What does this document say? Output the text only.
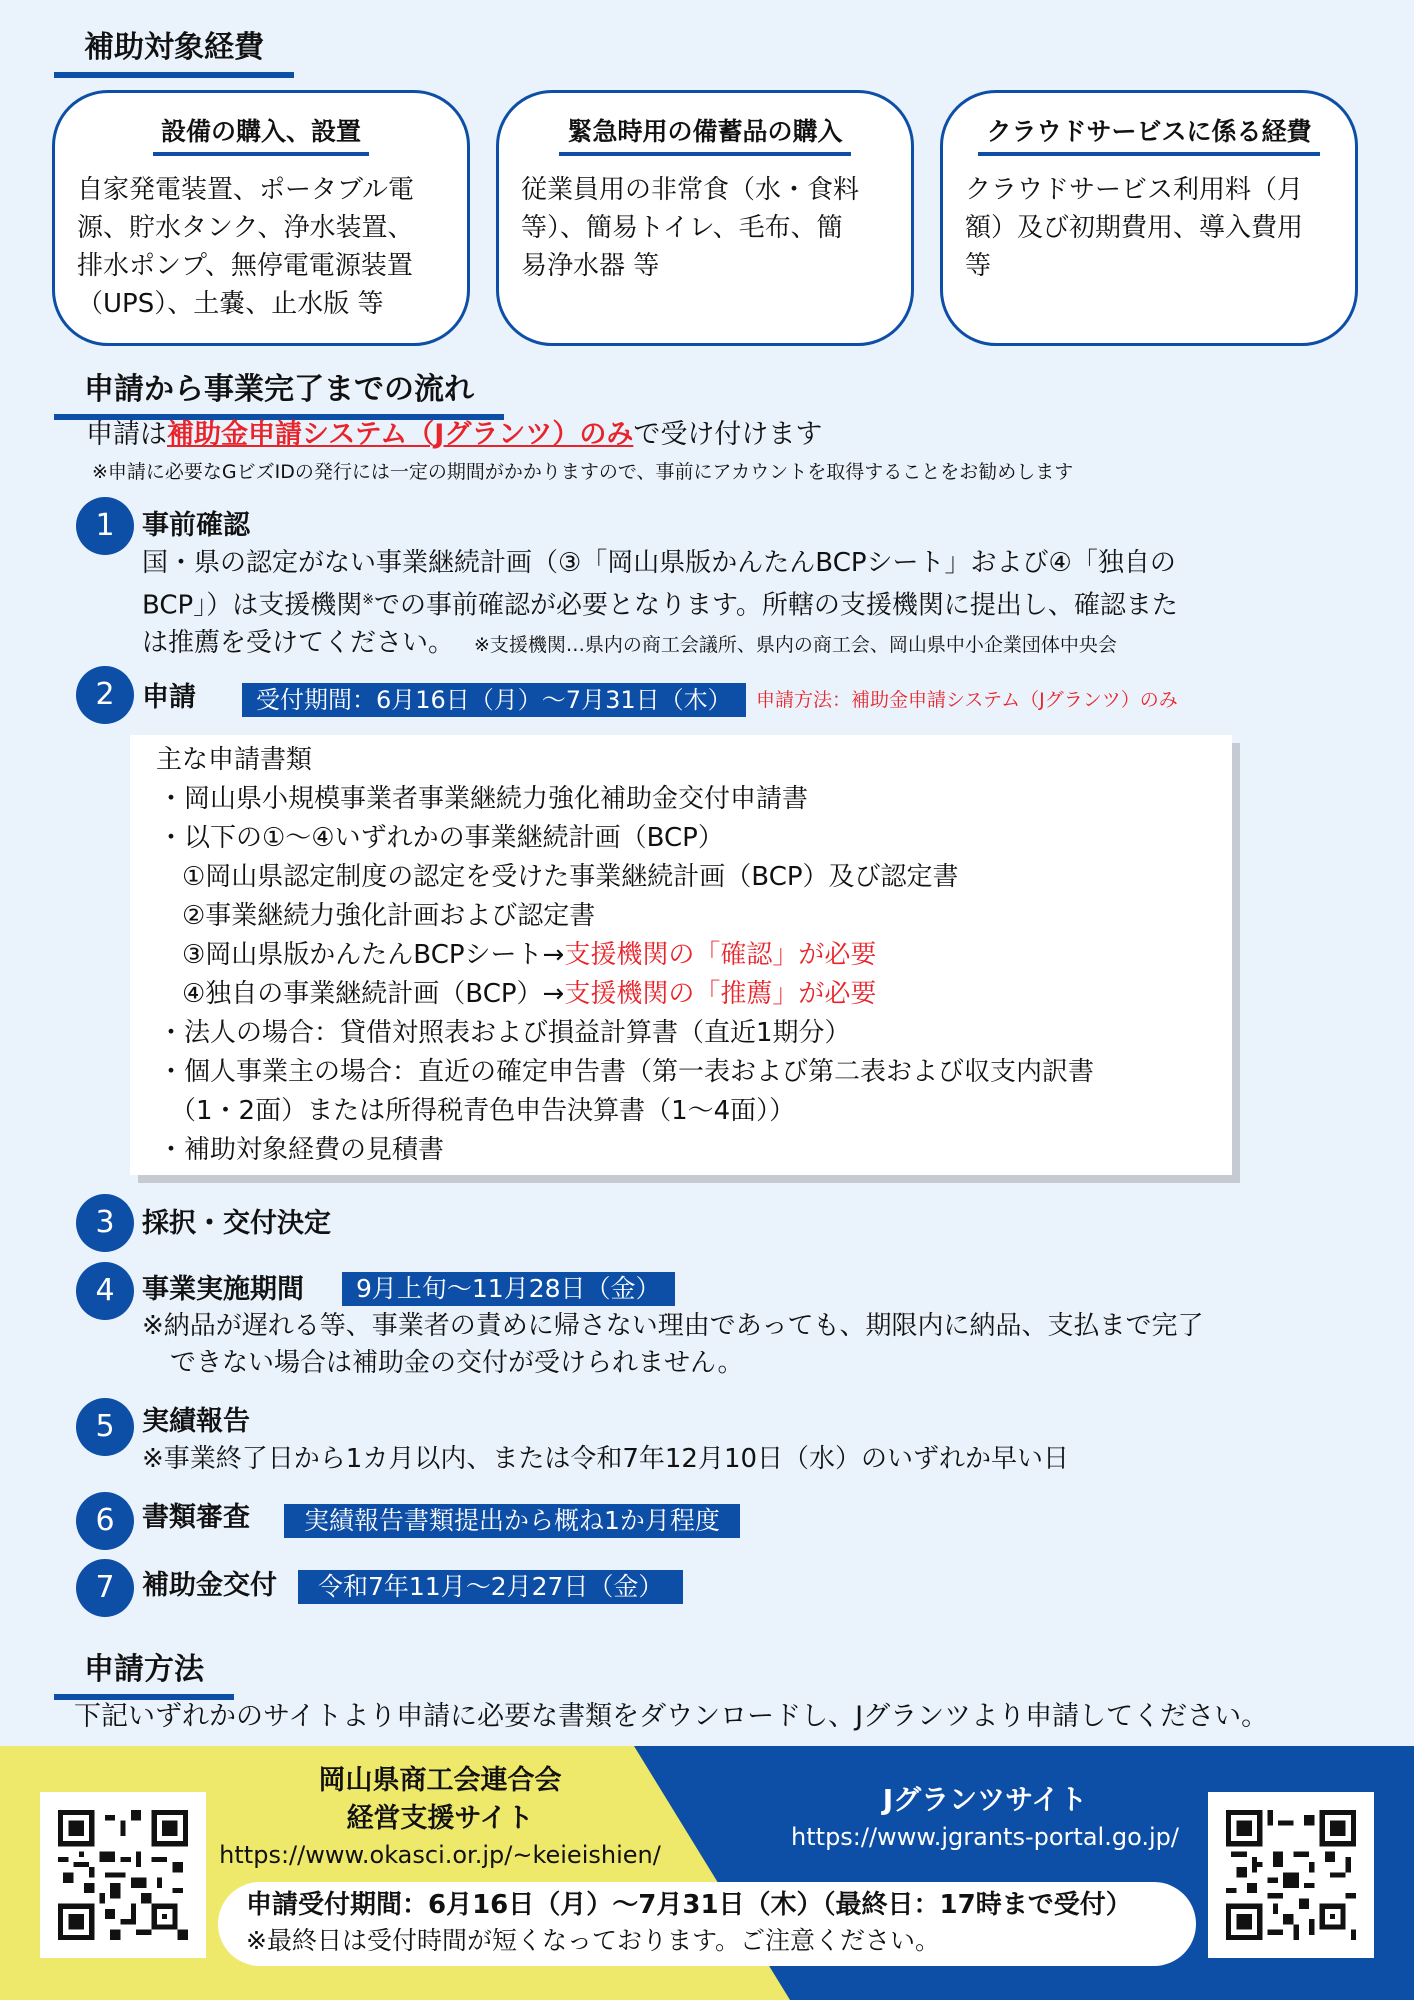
補助対象経費
設備の購入、設置
自家発電装置、ポータブル電
源、貯水タンク、浄水装置、
排水ポンプ、無停電電源装置
（UPS）、土嚢、止水版 等
緊急時用の備蓄品の購入
従業員用の非常食（水・食料
等）、簡易トイレ、毛布、簡
易浄水器 等
クラウドサービスに係る経費
クラウドサービス利用料（月
額）及び初期費用、導入費用
等
申請から事業完了までの流れ
申請は補助金申請システム（Jグランツ）のみで受け付けます
※申請に必要なGビズIDの発行には一定の期間がかかりますので、事前にアカウントを取得することをお勧めします
1	事前確認
国・県の認定がない事業継続計画（③「岡山県版かんたんBCPシート」および④「独自の
BCP」）は支援機関※での事前確認が必要となります。所轄の支援機関に提出し、確認また
は推薦を受けてください。 ※支援機関…県内の商工会議所、県内の商工会、岡山県中小企業団体中央会
2	申請	受付期間：6月16日（月）〜7月31日（木）	申請方法：補助金申請システム（Jグランツ）のみ
主な申請書類
・岡山県小規模事業者事業継続力強化補助金交付申請書
・以下の①〜④いずれかの事業継続計画（BCP）
①岡山県認定制度の認定を受けた事業継続計画（BCP）及び認定書
②事業継続力強化計画および認定書
③岡山県版かんたんBCPシート→支援機関の「確認」が必要
④独自の事業継続計画（BCP）→支援機関の「推薦」が必要
・法人の場合：貸借対照表および損益計算書（直近1期分）
・個人事業主の場合：直近の確定申告書（第一表および第二表および収支内訳書
（1・2面）または所得税青色申告決算書（1〜4面））
・補助対象経費の見積書
3	採択・交付決定
4	事業実施期間	9月上旬〜11月28日（金）
※納品が遅れる等、事業者の責めに帰さない理由であっても、期限内に納品、支払まで完了
できない場合は補助金の交付が受けられません。
5	実績報告
※事業終了日から1カ月以内、または令和7年12月10日（水）のいずれか早い日
6	書類審査	実績報告書類提出から概ね1か月程度
7	補助金交付	令和7年11月〜2月27日（金）
申請方法
下記いずれかのサイトより申請に必要な書類をダウンロードし、Jグランツより申請してください。
岡山県商工会連合会
経営支援サイト
https://www.okasci.or.jp/~keieishien/
Jグランツサイト
https://www.jgrants-portal.go.jp/
申請受付期間：6月16日（月）〜7月31日（木）（最終日：17時まで受付）
※最終日は受付時間が短くなっております。ご注意ください。
